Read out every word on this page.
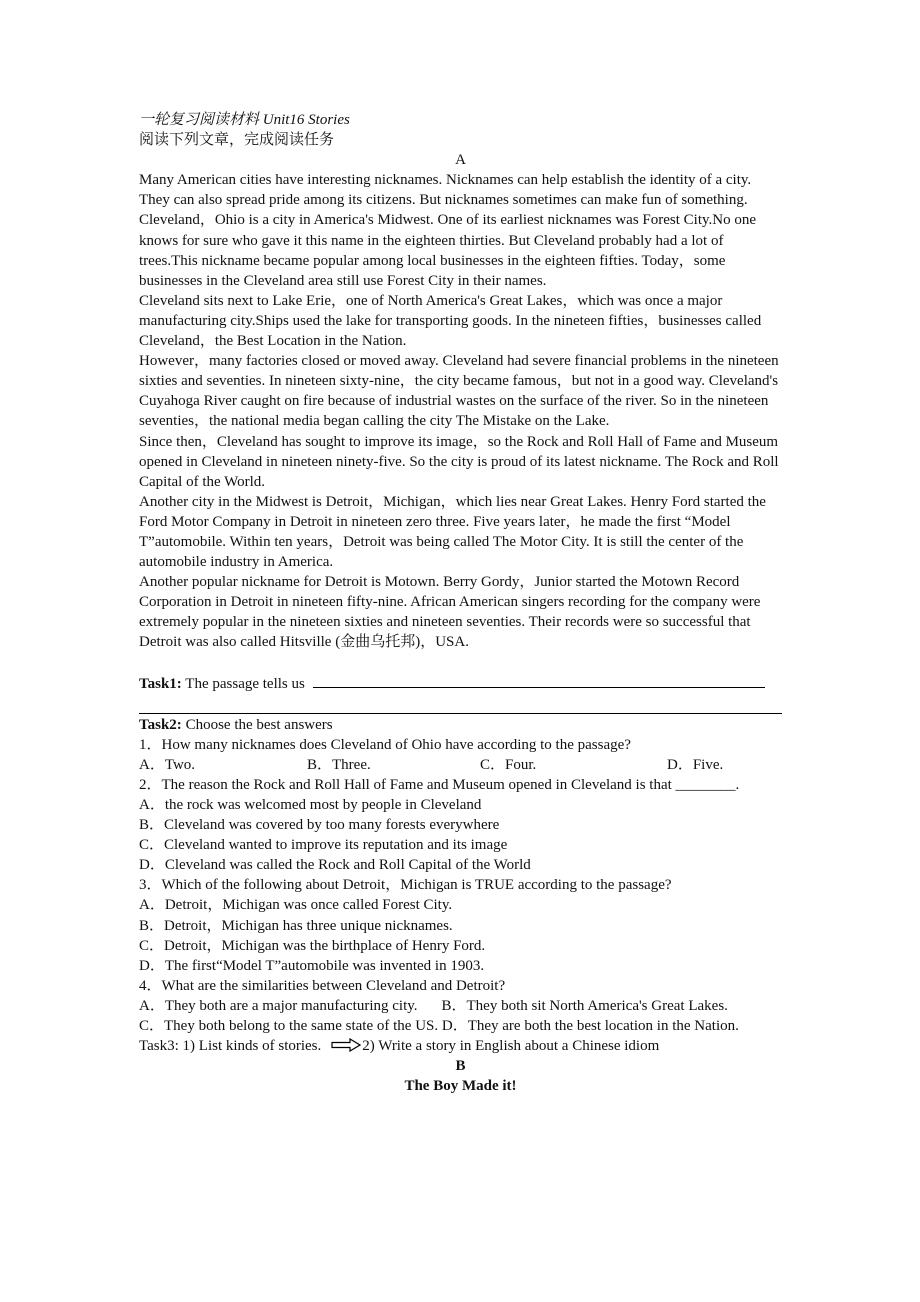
一轮复习阅读材料 Unit16 Stories

阅读下列文章，完成阅读任务

A

Many American cities have interesting nicknames. Nicknames can help establish the identity of a city. They can also spread pride among its citizens. But nicknames sometimes can make fun of something.

Cleveland，Ohio is a city in America's Midwest. One of its earliest nicknames was Forest City.No one knows for sure who gave it this name in the eighteen thirties. But Cleveland probably had a lot of trees.This nickname became popular among local businesses in the eighteen fifties. Today，some businesses in the Cleveland area still use Forest City in their names.

Cleveland sits next to Lake Erie，one of North America's Great Lakes，which was once a major manufacturing city.Ships used the lake for transporting goods. In the nineteen fifties，businesses called Cleveland，the Best Location in the Nation.

However，many factories closed or moved away. Cleveland had severe financial problems in the nineteen sixties and seventies. In nineteen sixty-nine，the city became famous，but not in a good way. Cleveland's Cuyahoga River caught on fire because of industrial wastes on the surface of the river. So in the nineteen seventies，the national media began calling the city The Mistake on the Lake.

Since then，Cleveland has sought to improve its image，so the Rock and Roll Hall of Fame and Museum opened in Cleveland in nineteen ninety-five. So the city is proud of its latest nickname. The Rock and Roll Capital of the World.

Another city in the Midwest is Detroit，Michigan，which lies near Great Lakes. Henry Ford started the Ford Motor Company in Detroit in nineteen zero three. Five years later，he made the first “Model T”automobile. Within ten years，Detroit was being called The Motor City. It is still the center of the automobile industry in America.

Another popular nickname for Detroit is Motown. Berry Gordy，Junior started the Motown Record Corporation in Detroit in nineteen fifty-nine. African American singers recording for the company were extremely popular in the nineteen sixties and nineteen seventies. Their records were so successful that Detroit was also called Hitsville (金曲乌托邦)，USA.

Task1: The passage tells us

Task2: Choose the best answers

1．How many nicknames does Cleveland of Ohio have according to the passage?

A．Two.	B．Three.	C．Four.	D．Five.

2．The reason the Rock and Roll Hall of Fame and Museum opened in Cleveland is that ________.

A．the rock was welcomed most by people in Cleveland

B．Cleveland was covered by too many forests everywhere

C．Cleveland wanted to improve its reputation and its image

D．Cleveland was called the Rock and Roll Capital of the World

3．Which of the following about Detroit，Michigan is TRUE according to the passage?

A．Detroit，Michigan was once called Forest City.

B．Detroit，Michigan has three unique nicknames.

C．Detroit，Michigan was the birthplace of Henry Ford.

D．The first“Model T”automobile was invented in 1903.

4．What are the similarities between Cleveland and Detroit?

A．They both are a major manufacturing city. B．They both sit North America's Great Lakes.

C．They both belong to the same state of the US. D．They are both the best location in the Nation.

Task3: 1) List kinds of stories.	2) Write a story in English about a Chinese idiom

B

The Boy Made it!
